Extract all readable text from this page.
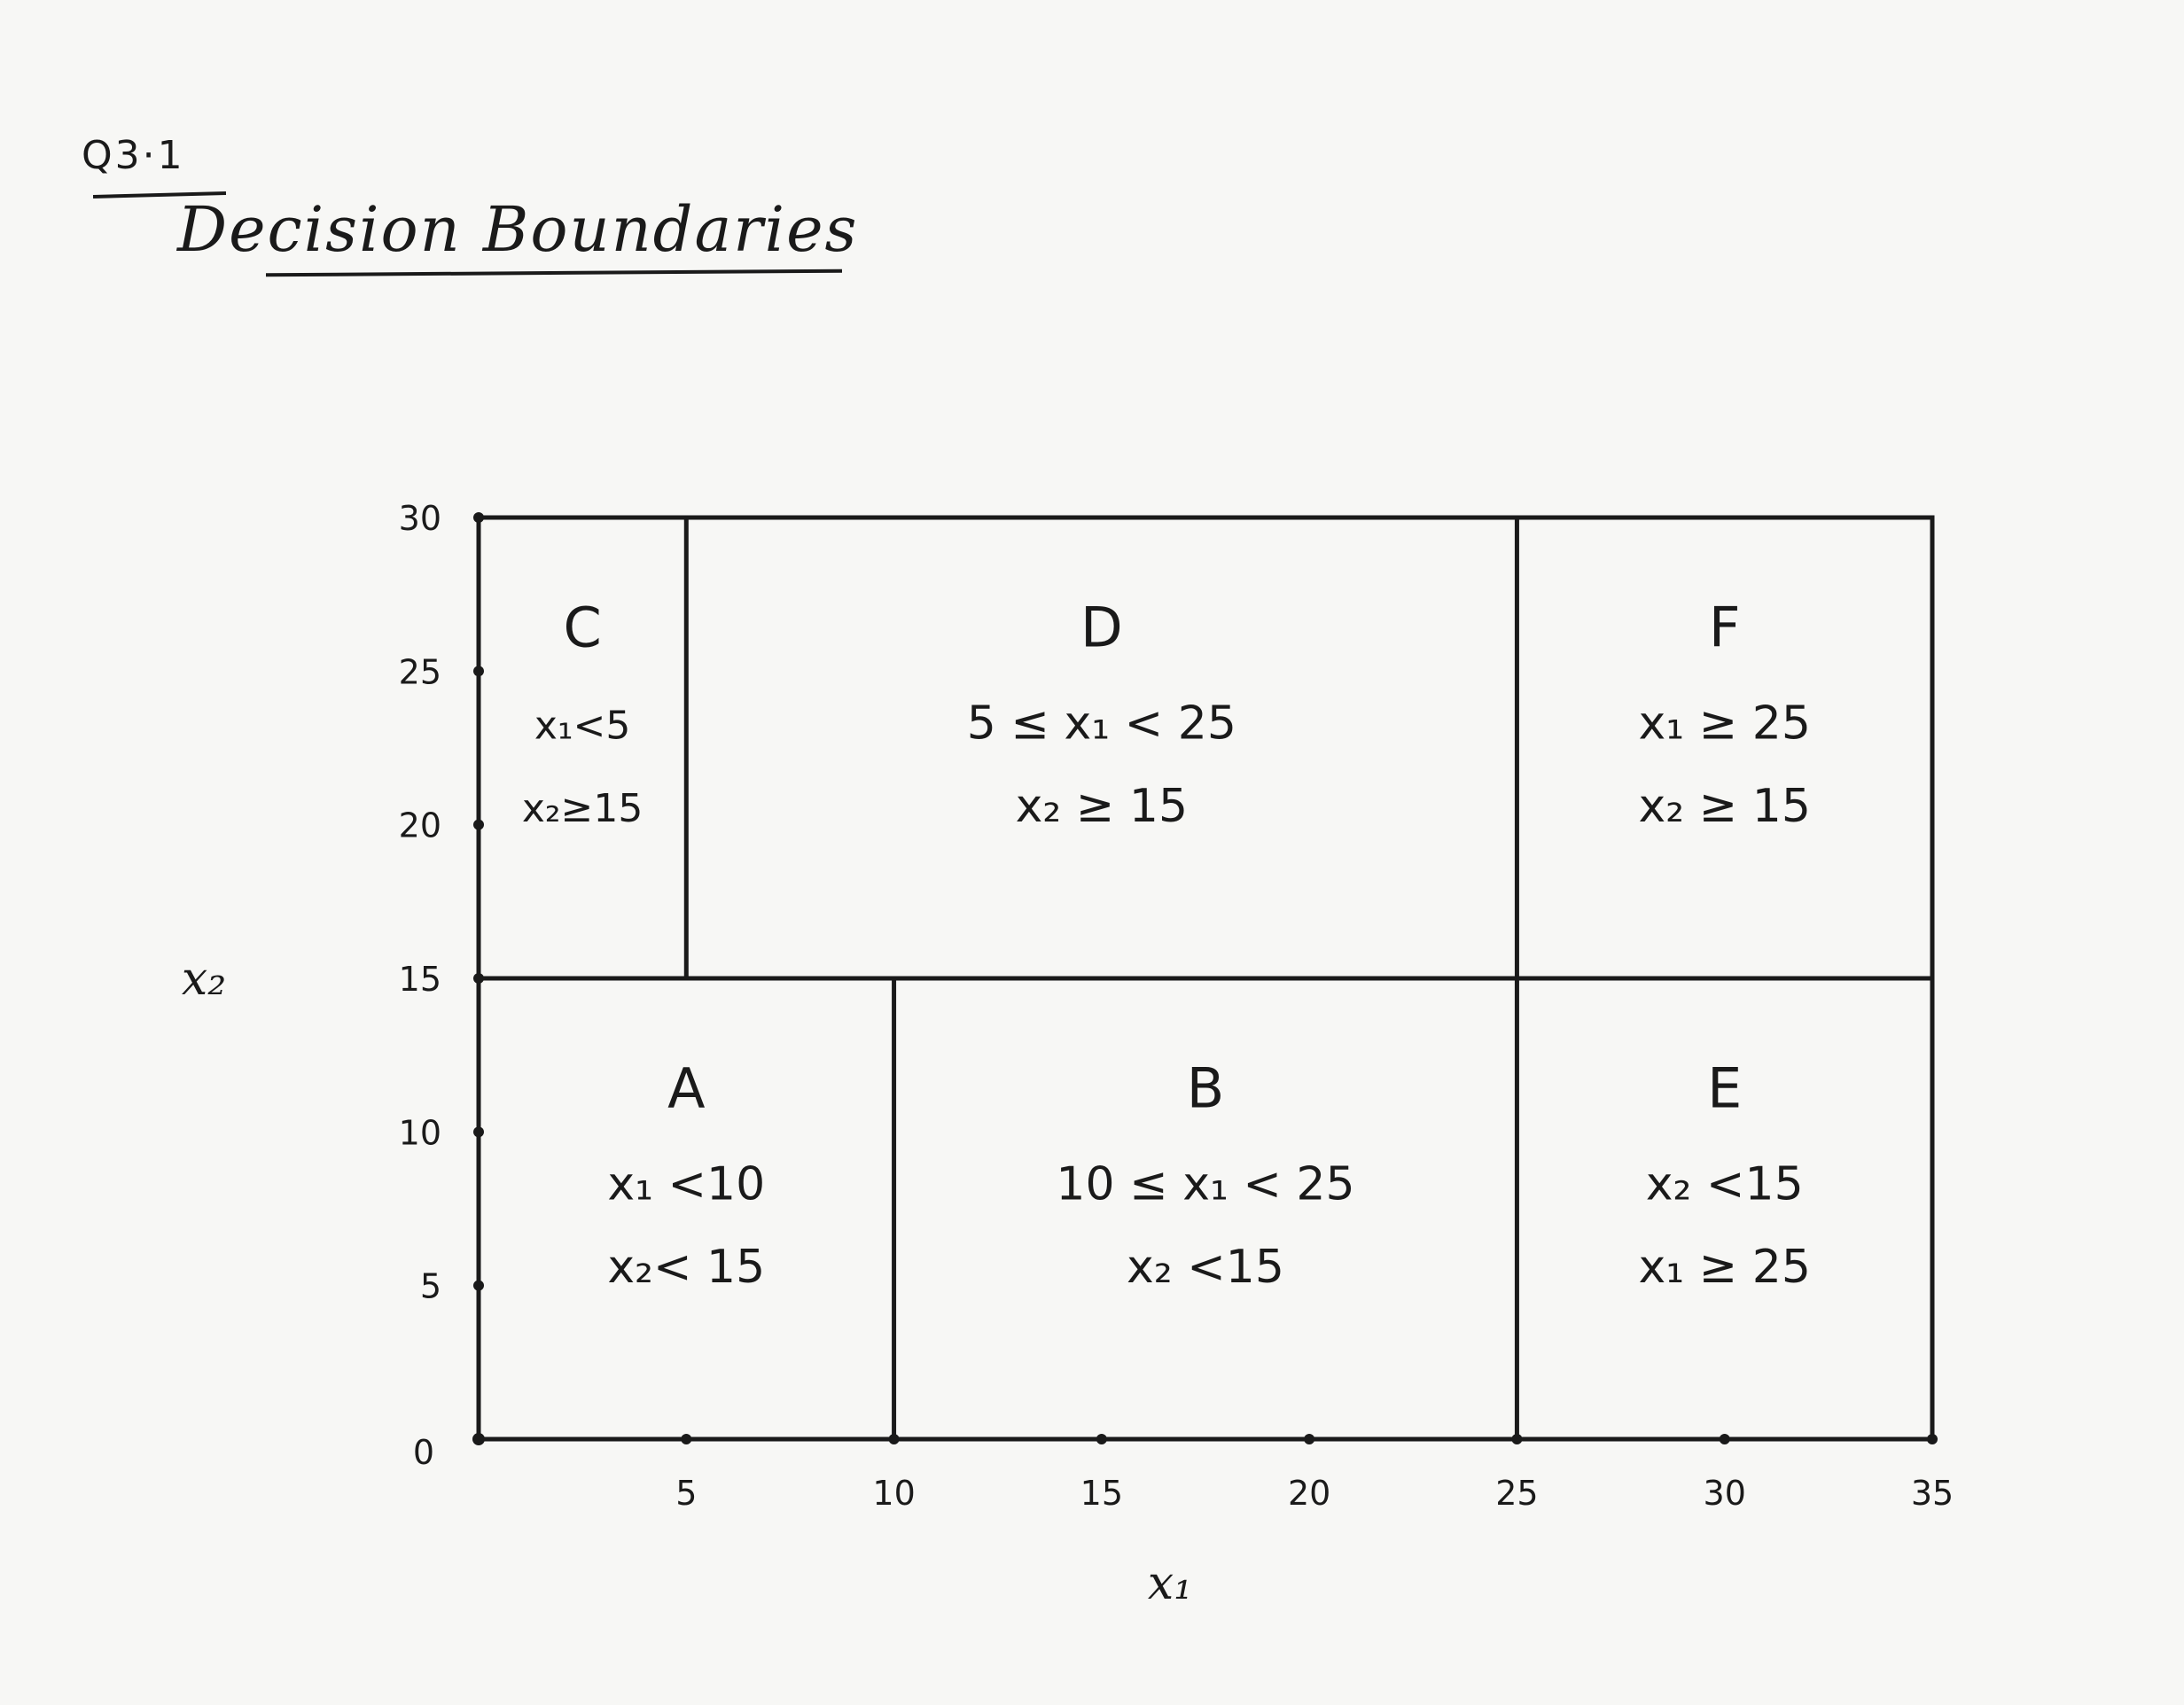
Q3·1
Decision Boundaries
5	10	15	20	25	30	35
5
10
15
20
25
30
0
A
x₁ <10
x₂< 15
B
10 ≤ x₁ < 25
x₂ <15
C
x₁<5
x₂≥15
D
5 ≤ x₁ < 25
x₂ ≥ 15
E
x₂ <15
x₁ ≥ 25
F
x₁ ≥ 25
x₂ ≥ 15
x₁
x₂
